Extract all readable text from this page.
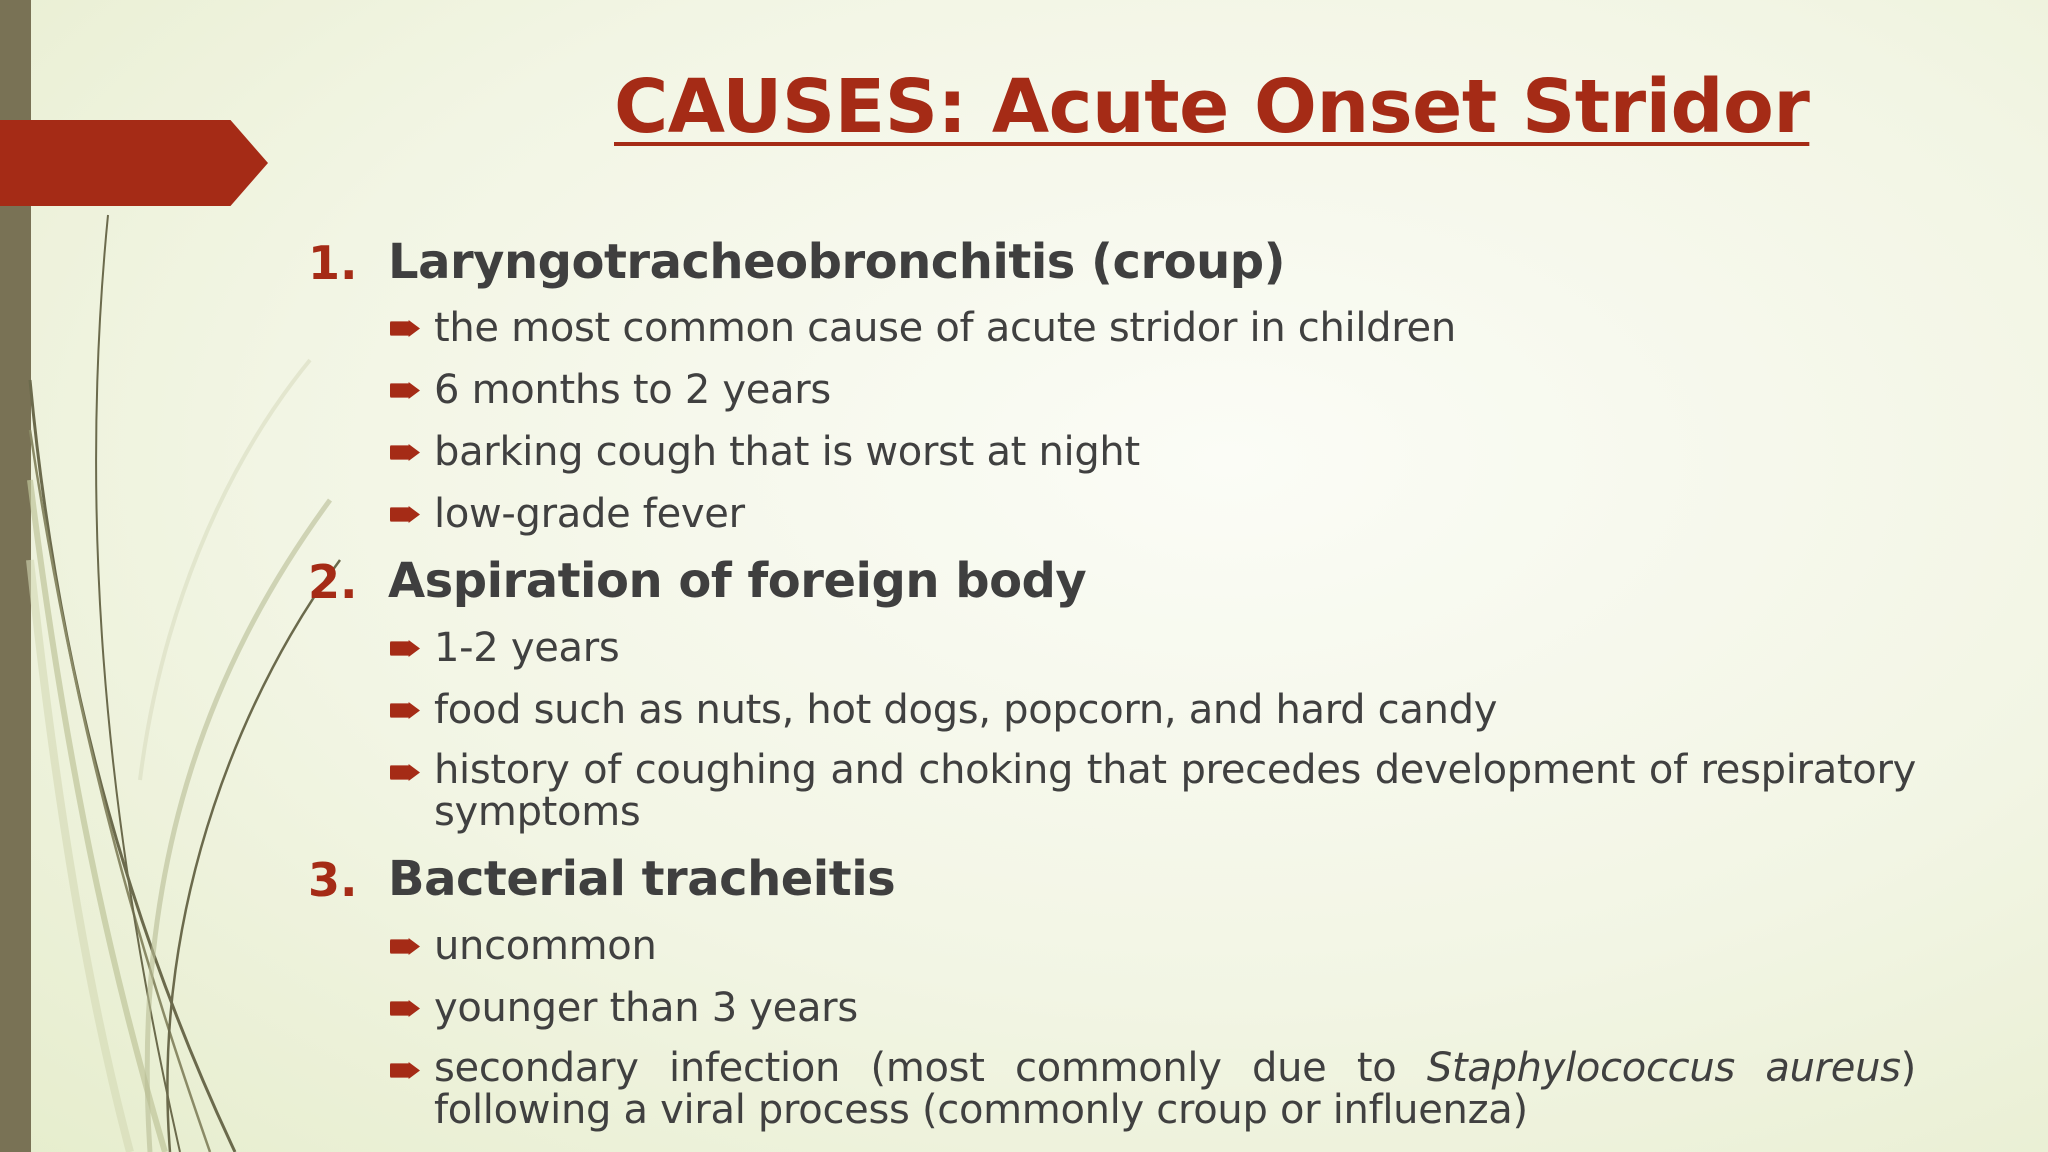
CAUSES: Acute Onset Stridor
1. Laryngotracheobronchitis (croup)
the most common cause of acute stridor in children
6 months to 2 years
barking cough that is worst at night
low-grade fever
2. Aspiration of foreign body
1-2 years
food such as nuts, hot dogs, popcorn, and hard candy
history of coughing and choking that precedes development of respiratory symptoms
3. Bacterial tracheitis
uncommon
younger than 3 years
secondary infection (most commonly due to Staphylococcus aureus) following a viral process (commonly croup or influenza)
